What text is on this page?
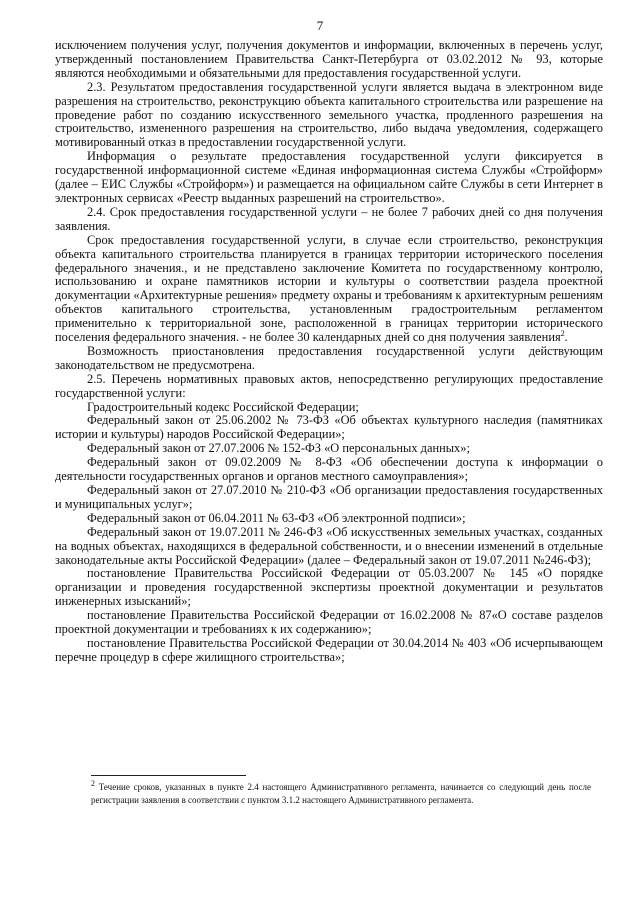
7

исключением получения услуг, получения документов и информации, включенных в перечень услуг, утвержденный постановлением Правительства Санкт-Петербурга от 03.02.2012 № 93, которые являются необходимыми и обязательными для предоставления государственной услуги.

2.3. Результатом предоставления государственной услуги является выдача в электронном виде разрешения на строительство, реконструкцию объекта капитального строительства или разрешение на проведение работ по созданию искусственного земельного участка, продленного разрешения на строительство, измененного разрешения на строительство, либо выдача уведомления, содержащего мотивированный отказ в предоставлении государственной услуги.

Информация о результате предоставления государственной услуги фиксируется в государственной информационной системе «Единая информационная система Службы «Стройформ» (далее – ЕИС Службы «Стройформ») и размещается на официальном сайте Службы в сети Интернет в электронных сервисах «Реестр выданных разрешений на строительство».

2.4. Срок предоставления государственной услуги – не более 7 рабочих дней со дня получения заявления.

Срок предоставления государственной услуги, в случае если строительство, реконструкция объекта капитального строительства планируется в границах территории исторического поселения федерального значения., и не представлено заключение Комитета по государственному контролю, использованию и охране памятников истории и культуры о соответствии раздела проектной документации «Архитектурные решения» предмету охраны и требованиям к архитектурным решениям объектов капитального строительства, установленным градостроительным регламентом применительно к территориальной зоне, расположенной в границах территории исторического поселения федерального значения. - не более 30 календарных дней со дня получения заявления$^2$.

Возможность приостановления предоставления государственной услуги действующим законодательством не предусмотрена.

2.5. Перечень нормативных правовых актов, непосредственно регулирующих предоставление государственной услуги:

Градостроительный кодекс Российской Федерации;

Федеральный закон от 25.06.2002 № 73-ФЗ «Об объектах культурного наследия (памятниках истории и культуры) народов Российской Федерации»;

Федеральный закон от 27.07.2006 № 152-ФЗ «О персональных данных»;

Федеральный закон от 09.02.2009 № 8-ФЗ «Об обеспечении доступа к информации о деятельности государственных органов и органов местного самоуправления»;

Федеральный закон от 27.07.2010 № 210-ФЗ «Об организации предоставления государственных и муниципальных услуг»;

Федеральный закон от 06.04.2011 № 63-ФЗ «Об электронной подписи»;

Федеральный закон от 19.07.2011 № 246-ФЗ «Об искусственных земельных участках, созданных на водных объектах, находящихся в федеральной собственности, и о внесении изменений в отдельные законодательные акты Российской Федерации» (далее – Федеральный закон от 19.07.2011 №246-ФЗ);

постановление Правительства Российской Федерации от 05.03.2007 № 145 «О порядке организации и проведения государственной экспертизы проектной документации и результатов инженерных изысканий»;

постановление Правительства Российской Федерации от 16.02.2008 № 87«О составе разделов проектной документации и требованиях к их содержанию»;

постановление Правительства Российской Федерации от 30.04.2014 № 403 «Об исчерпывающем перечне процедур в сфере жилищного строительства»;

$^2$ Течение сроков, указанных в пункте 2.4 настоящего Административного регламента, начинается со следующий день после регистрации заявления в соответствии с пунктом 3.1.2 настоящего Административного регламента.
